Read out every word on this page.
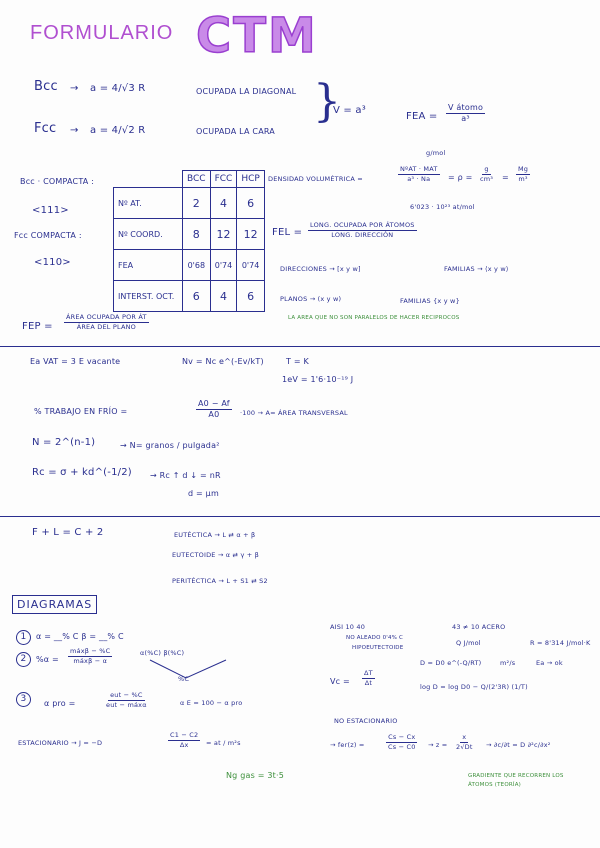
FORMULARIO CTM
Bcc → a = 4/√3 R	OCUPADA LA DIAGONAL
Fcc → a = 4/√2 R	OCUPADA LA CARA
}
V = a³
FEA =
V átomo
a³
Bcc · COMPACTA :
<111>
Fcc COMPACTA :
<110>
	BCC	FCC	HCP
Nº AT.	2	4	6
Nº COORD.	8	12	12
FEA	0'68	0'74	0'74
INTERST. OCT.	6	4	6
g/mol
DENSIDAD VOLUMÉTRICA =
NºAT · MAT
$a^3 \cdot Na = \rho = \frac{g}{\text{cm³}} = \frac{Mg}{\text{m³}}$
6'023 · 10²³ at/mol
FEL =
LONG. OCUPADA POR ÁTOMOS
LONG. DIRECCIÓN
DIRECCIONES → [x y w]	FAMILIAS → ⟨x y w⟩
PLANOS → (x y w)	FAMILIAS {x y w}
LA AREA QUE NO SON PARALELOS DE HACER RECIPROCOS
FEP =
ÁREA OCUPADA POR ÁT
ÁREA DEL PLANO
Ea VAT = 3 E vacante	Nv = Nc e^(-Ev/kT)	T = K
1eV = 1'6·10⁻¹⁹ J
% TRABAJO EN FRÍO =	$\frac{A0 - Af}{A0} \cdot 100 \to A=$ ÁREA TRANSVERSAL
N = 2^(n-1)	→ N= granos / pulgada²
Rc = σ + kd^(-1/2) → Rc ↑ d ↓ = nR
d = μm
F + L = C + 2	EUTÉCTICA → L ⇄ α + β
EUTECTOIDE → α ⇄ γ + β
PERITÉCTICA → L + S1 ⇄ S2
DIAGRAMAS
1	α = __% C β = __% C
2	%α =
máxβ − %C
máxβ − α
α(%C) β(%C)
%C
3	α pro =
eut − %C
eut − máxα	α E = 100 − α pro
ESTACIONARIO → J = −D	$\frac{C1 - C2}{\Delta x}$ = at / m²s
Ng gas = 3t·5
AISI 10 40
NO ALEADO 0'4% C
43 ≠ 10 ACERO
HIPOEUTECTOIDE
Q J/mol	R = 8'314 J/mol·K
D = D0 e^(-Q/RT)	m²/s	Ea → ok
$Vc = \frac{\Delta T}{\Delta t}$
log D = log D0 − Q/(2'3R) (1/T)
NO ESTACIONARIO
→ fer(z) =	$\frac{Cs - Cx}{Cs - C0} \to z = \frac{x}{2√Dt} \to \partial c/\partial t = D$ ∂²c/∂x²
GRADIENTE QUE RECORREN LOS ÁTOMOS (TEORÍA)
